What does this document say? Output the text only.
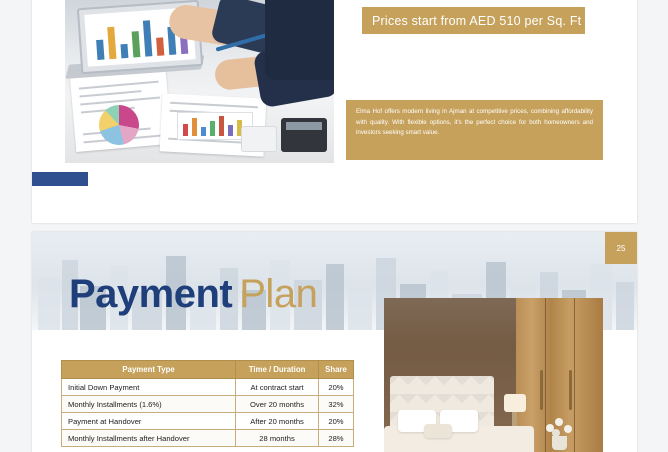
Prices start from AED 510 per Sq. Ft

Elma Hof offers modern living in Ajman at competitive prices, combining affordability with quality. With flexible options, it's the perfect choice for both homeowners and investors seeking smart value.

Payment Plan
25
Payment Type	Time / Duration	Share
Initial Down Payment	At contract start	20%
Monthly Installments (1.6%)	Over 20 months	32%
Payment at Handover	After 20 months	20%
Monthly Installments after Handover	28 months	28%
